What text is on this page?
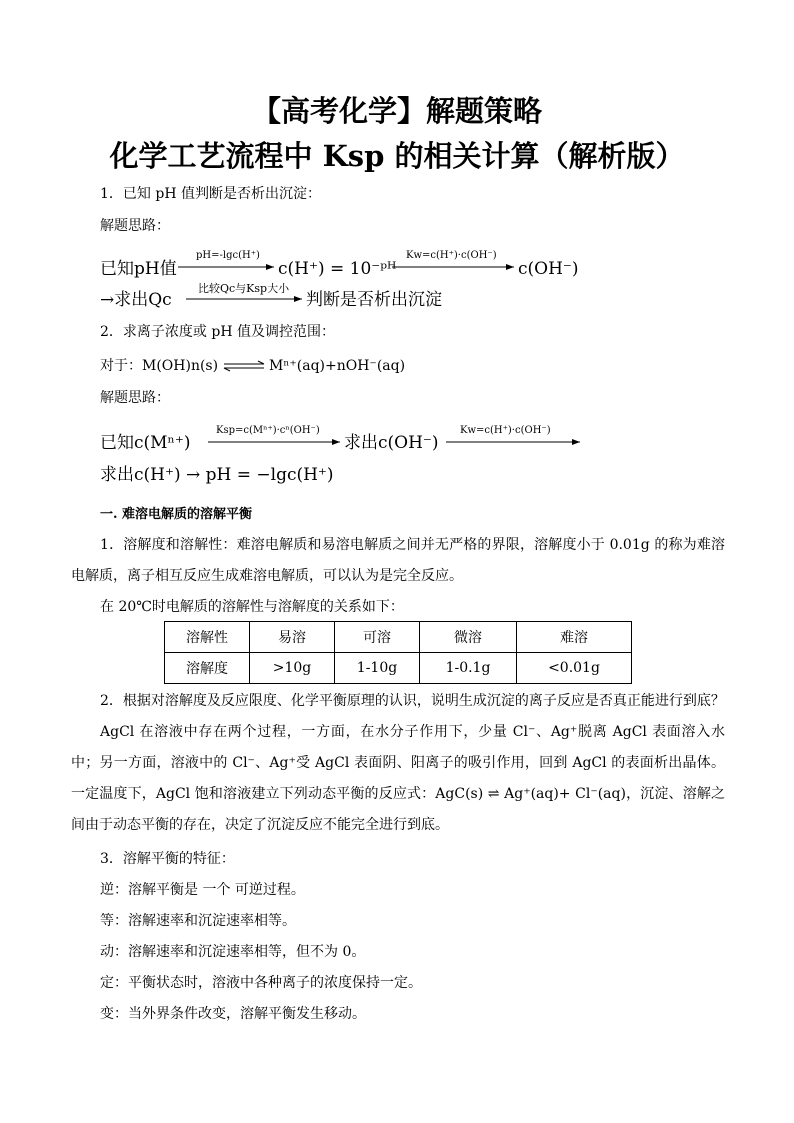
【高考化学】解题策略
化学工艺流程中 Ksp 的相关计算（解析版）
1．已知 pH 值判断是否析出沉淀：
解题思路：
已知pH值
pH=-lgc(H⁺)
c(H⁺) = 10⁻ᵖᴴ
Kw=c(H⁺)·c(OH⁻)
c(OH⁻)
→求出Qc
比较Qc与Ksp大小
判断是否析出沉淀
2．求离子浓度或 pH 值及调控范围：
对于：M(OH)n(s) ⇌ Mⁿ⁺(aq)+nOH⁻(aq)
解题思路：
已知c(Mⁿ⁺)
Ksp=c(Mⁿ⁺)·cⁿ(OH⁻)
求出c(OH⁻)
Kw=c(H⁺)·c(OH⁻)
求出c(H⁺) → pH = −lgc(H⁺)
一. 难溶电解质的溶解平衡
1．溶解度和溶解性：难溶电解质和易溶电解质之间并无严格的界限，溶解度小于 0.01g 的称为难溶电解质，离子相互反应生成难溶电解质，可以认为是完全反应。
在 20℃时电解质的溶解性与溶解度的关系如下：
溶解性	易溶	可溶	微溶	难溶
溶解度	>10g	1-10g	1-0.1g	<0.01g
2．根据对溶解度及反应限度、化学平衡原理的认识，说明生成沉淀的离子反应是否真正能进行到底？
AgCl 在溶液中存在两个过程，一方面，在水分子作用下，少量 Cl⁻、Ag⁺脱离 AgCl 表面溶入水中；另一方面，溶液中的 Cl⁻、Ag⁺受 AgCl 表面阴、阳离子的吸引作用，回到 AgCl 的表面析出晶体。一定温度下，AgCl 饱和溶液建立下列动态平衡的反应式：AgC(s) ⇌ Ag⁺(aq)+ Cl⁻(aq)，沉淀、溶解之间由于动态平衡的存在，决定了沉淀反应不能完全进行到底。
3．溶解平衡的特征：
逆：溶解平衡是 一个 可逆过程。
等：溶解速率和沉淀速率相等。
动：溶解速率和沉淀速率相等，但不为 0。
定：平衡状态时，溶液中各种离子的浓度保持一定。
变：当外界条件改变，溶解平衡发生移动。
